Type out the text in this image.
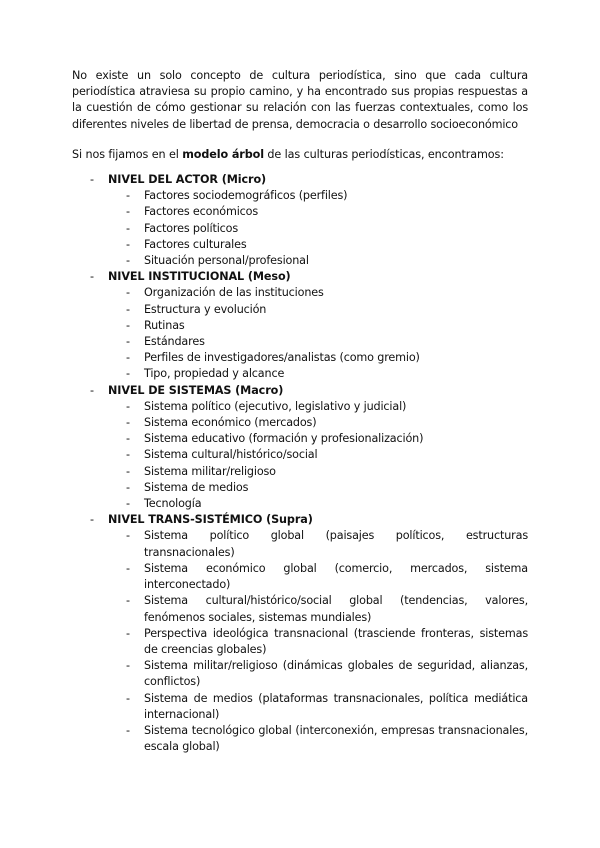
No existe un solo concepto de cultura periodística, sino que cada cultura periodística atraviesa su propio camino, y ha encontrado sus propias respuestas a la cuestión de cómo gestionar su relación con las fuerzas contextuales, como los diferentes niveles de libertad de prensa, democracia o desarrollo socioeconómico

Si nos fijamos en el modelo árbol de las culturas periodísticas, encontramos:

- NIVEL DEL ACTOR (Micro)
- Factores sociodemográficos (perfiles)
- Factores económicos
- Factores políticos
- Factores culturales
- Situación personal/profesional
- NIVEL INSTITUCIONAL (Meso)
- Organización de las instituciones
- Estructura y evolución
- Rutinas
- Estándares
- Perfiles de investigadores/analistas (como gremio)
- Tipo, propiedad y alcance
- NIVEL DE SISTEMAS (Macro)
- Sistema político (ejecutivo, legislativo y judicial)
- Sistema económico (mercados)
- Sistema educativo (formación y profesionalización)
- Sistema cultural/histórico/social
- Sistema militar/religioso
- Sistema de medios
- Tecnología
- NIVEL TRANS-SISTÉMICO (Supra)
- Sistema político global (paisajes políticos, estructuras transnacionales)
- Sistema económico global (comercio, mercados, sistema interconectado)
- Sistema cultural/histórico/social global (tendencias, valores, fenómenos sociales, sistemas mundiales)
- Perspectiva ideológica transnacional (trasciende fronteras, sistemas de creencias globales)
- Sistema militar/religioso (dinámicas globales de seguridad, alianzas, conflictos)
- Sistema de medios (plataformas transnacionales, política mediática internacional)
- Sistema tecnológico global (interconexión, empresas transnacionales, escala global)
